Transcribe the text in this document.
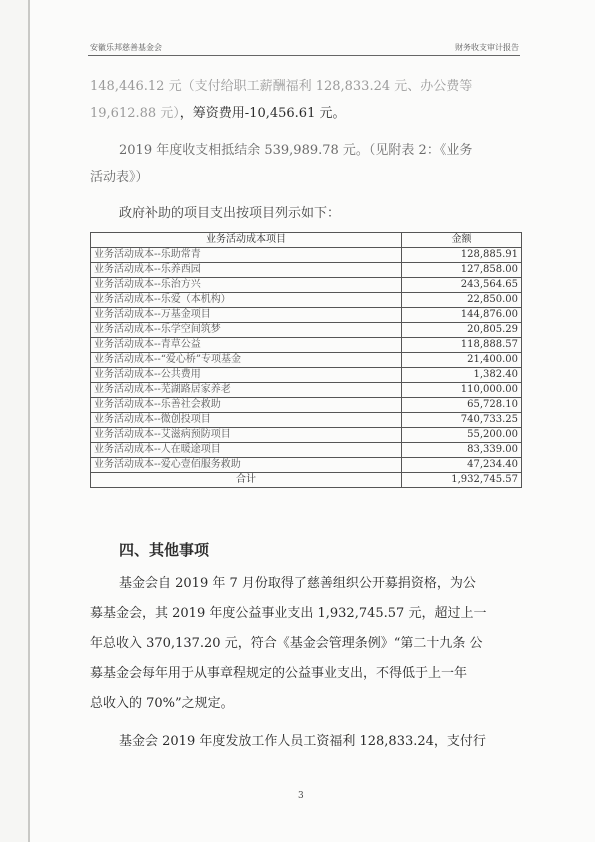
安徽乐邦慈善基金会	财务收支审计报告
148,446.12 元（支付给职工薪酬福利 128,833.24 元、办公费等
19,612.88 元），筹资费用-10,456.61 元。
2019 年度收支相抵结余 539,989.78 元。（见附表 2：《业务
活动表》）
政府补助的项目支出按项目列示如下：
业务活动成本项目	金额
业务活动成本--乐助常青	128,885.91
业务活动成本--乐养西园	127,858.00
业务活动成本--乐治方兴	243,564.65
业务活动成本--乐爱（本机构）	22,850.00
业务活动成本--万基金项目	144,876.00
业务活动成本--乐学空间筑梦	20,805.29
业务活动成本--青草公益	118,888.57
业务活动成本--“爱心桥”专项基金	21,400.00
业务活动成本--公共费用	1,382.40
业务活动成本--芜湖路居家养老	110,000.00
业务活动成本--乐善社会救助	65,728.10
业务活动成本--微创投项目	740,733.25
业务活动成本--艾滋病预防项目	55,200.00
业务活动成本--人在暖途项目	83,339.00
业务活动成本--爱心壹佰服务救助	47,234.40
合计	1,932,745.57
四、其他事项
基金会自 2019 年 7 月份取得了慈善组织公开募捐资格，为公
募基金会，其 2019 年度公益事业支出 1,932,745.57 元，超过上一
年总收入 370,137.20 元，符合《基金会管理条例》“第二十九条 公
募基金会每年用于从事章程规定的公益事业支出，不得低于上一年
总收入的 70%”之规定。
基金会 2019 年度发放工作人员工资福利 128,833.24，支付行
3
